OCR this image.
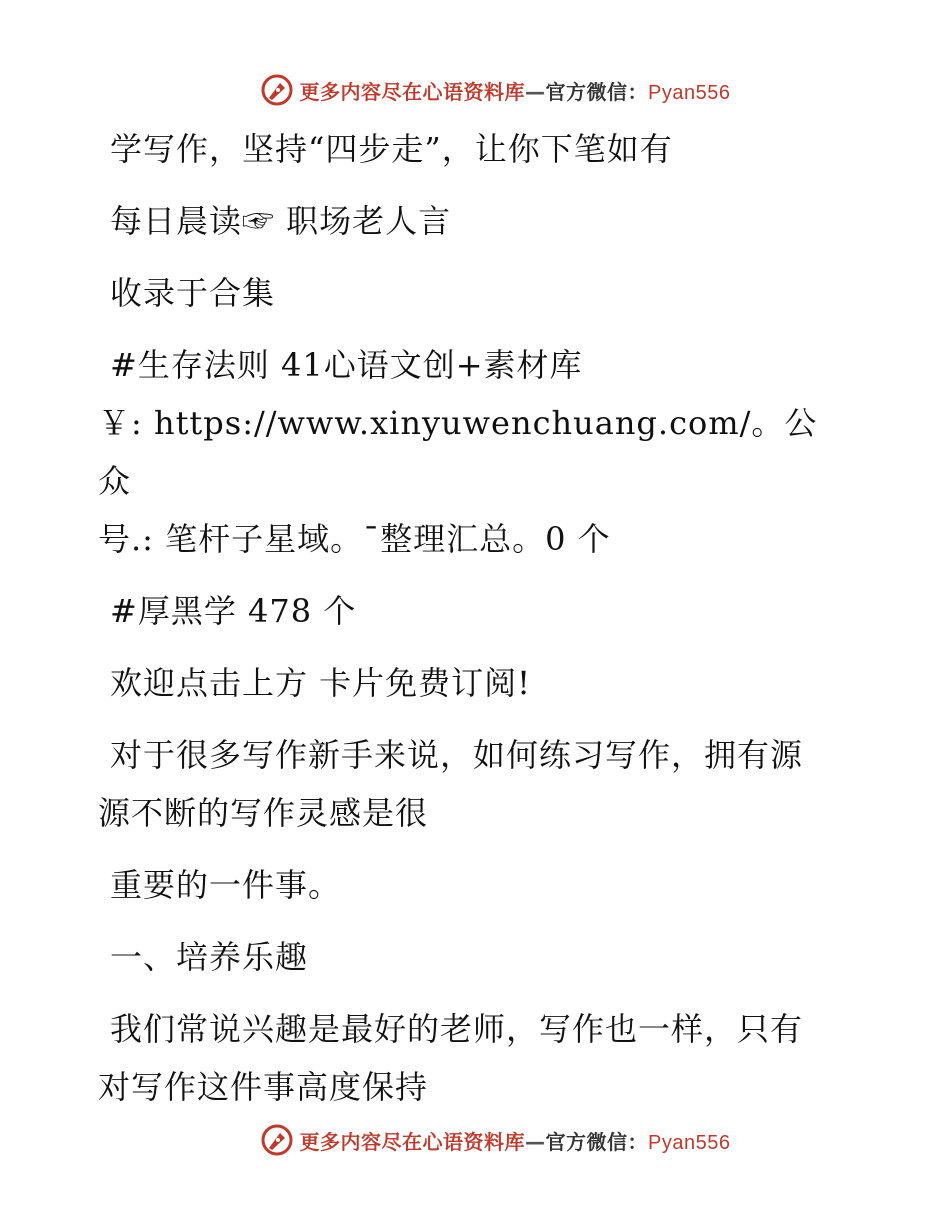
更多内容尽在心语资料库—官方微信：Pyan556

学写作，坚持“四步走”，让你下笔如有

每日晨读☞ 职场老人言

收录于合集

#生存法则 41心语文创+素材库

￥: https://www.xinyuwenchuang.com/。公众

号.: 笔杆子星域。¯整理汇总。0 个

#厚黑学 478 个

欢迎点击上方 卡片免费订阅!

对于很多写作新手来说，如何练习写作，拥有源

源不断的写作灵感是很

重要的一件事。

一、培养乐趣

我们常说兴趣是最好的老师，写作也一样，只有

对写作这件事高度保持

更多内容尽在心语资料库—官方微信：Pyan556
